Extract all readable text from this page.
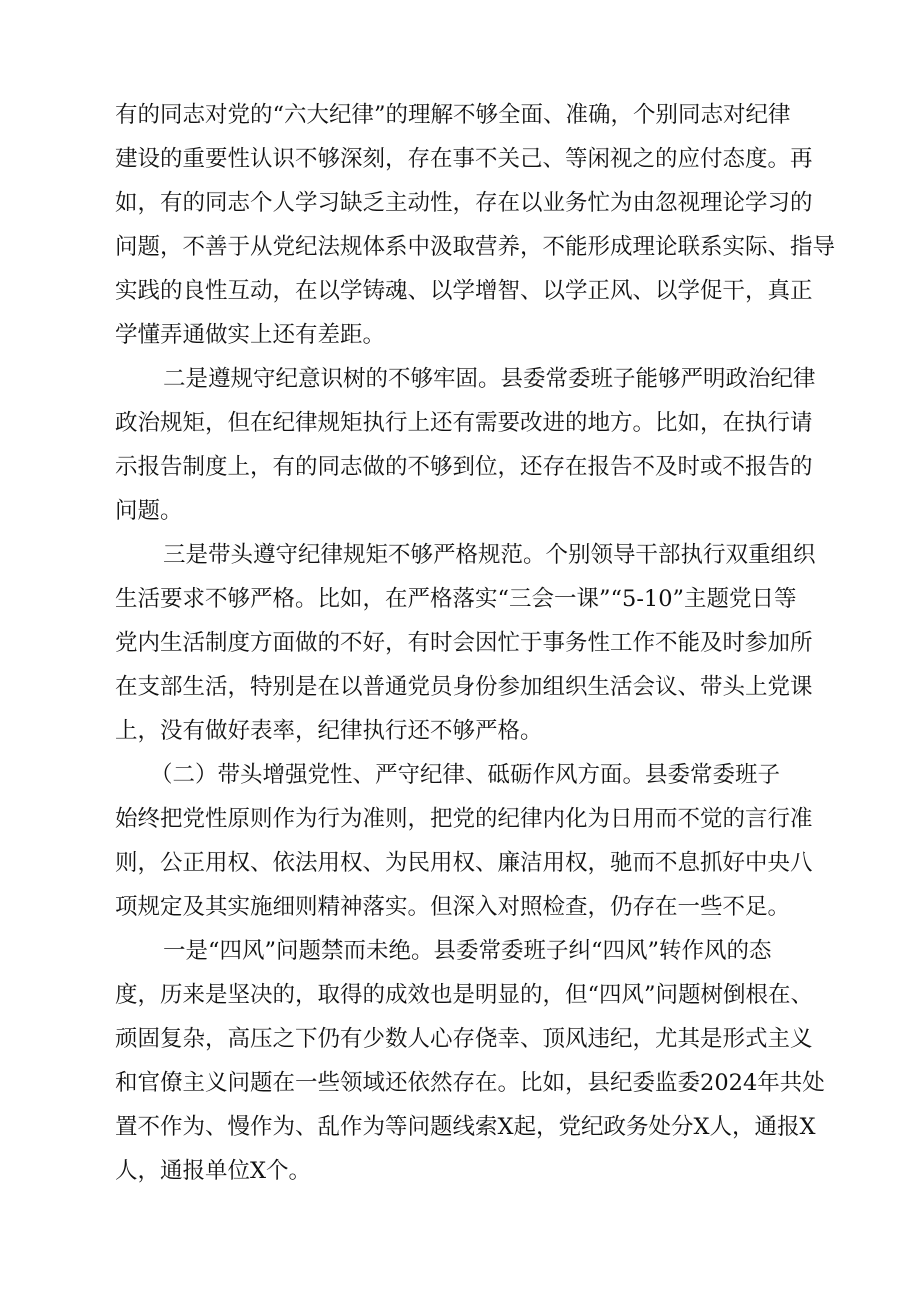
有的同志对党的“六大纪律”的理解不够全面、准确，个别同志对纪律
建设的重要性认识不够深刻，存在事不关己、等闲视之的应付态度。再
如，有的同志个人学习缺乏主动性，存在以业务忙为由忽视理论学习的
问题，不善于从党纪法规体系中汲取营养，不能形成理论联系实际、指导
实践的良性互动，在以学铸魂、以学增智、以学正风、以学促干，真正
学懂弄通做实上还有差距。
二是遵规守纪意识树的不够牢固。县委常委班子能够严明政治纪律
政治规矩，但在纪律规矩执行上还有需要改进的地方。比如，在执行请
示报告制度上，有的同志做的不够到位，还存在报告不及时或不报告的
问题。
三是带头遵守纪律规矩不够严格规范。个别领导干部执行双重组织
生活要求不够严格。比如，在严格落实“三会一课”“5-10”主题党日等
党内生活制度方面做的不好，有时会因忙于事务性工作不能及时参加所
在支部生活，特别是在以普通党员身份参加组织生活会议、带头上党课
上，没有做好表率，纪律执行还不够严格。
（二）带头增强党性、严守纪律、砥砺作风方面。县委常委班子
始终把党性原则作为行为准则，把党的纪律内化为日用而不觉的言行准
则，公正用权、依法用权、为民用权、廉洁用权，驰而不息抓好中央八
项规定及其实施细则精神落实。但深入对照检查，仍存在一些不足。
一是“四风”问题禁而未绝。县委常委班子纠“四风”转作风的态
度，历来是坚决的，取得的成效也是明显的，但“四风”问题树倒根在、
顽固复杂，高压之下仍有少数人心存侥幸、顶风违纪，尤其是形式主义
和官僚主义问题在一些领域还依然存在。比如，县纪委监委2024年共处
置不作为、慢作为、乱作为等问题线索X起，党纪政务处分X人，通报X
人，通报单位X个。
